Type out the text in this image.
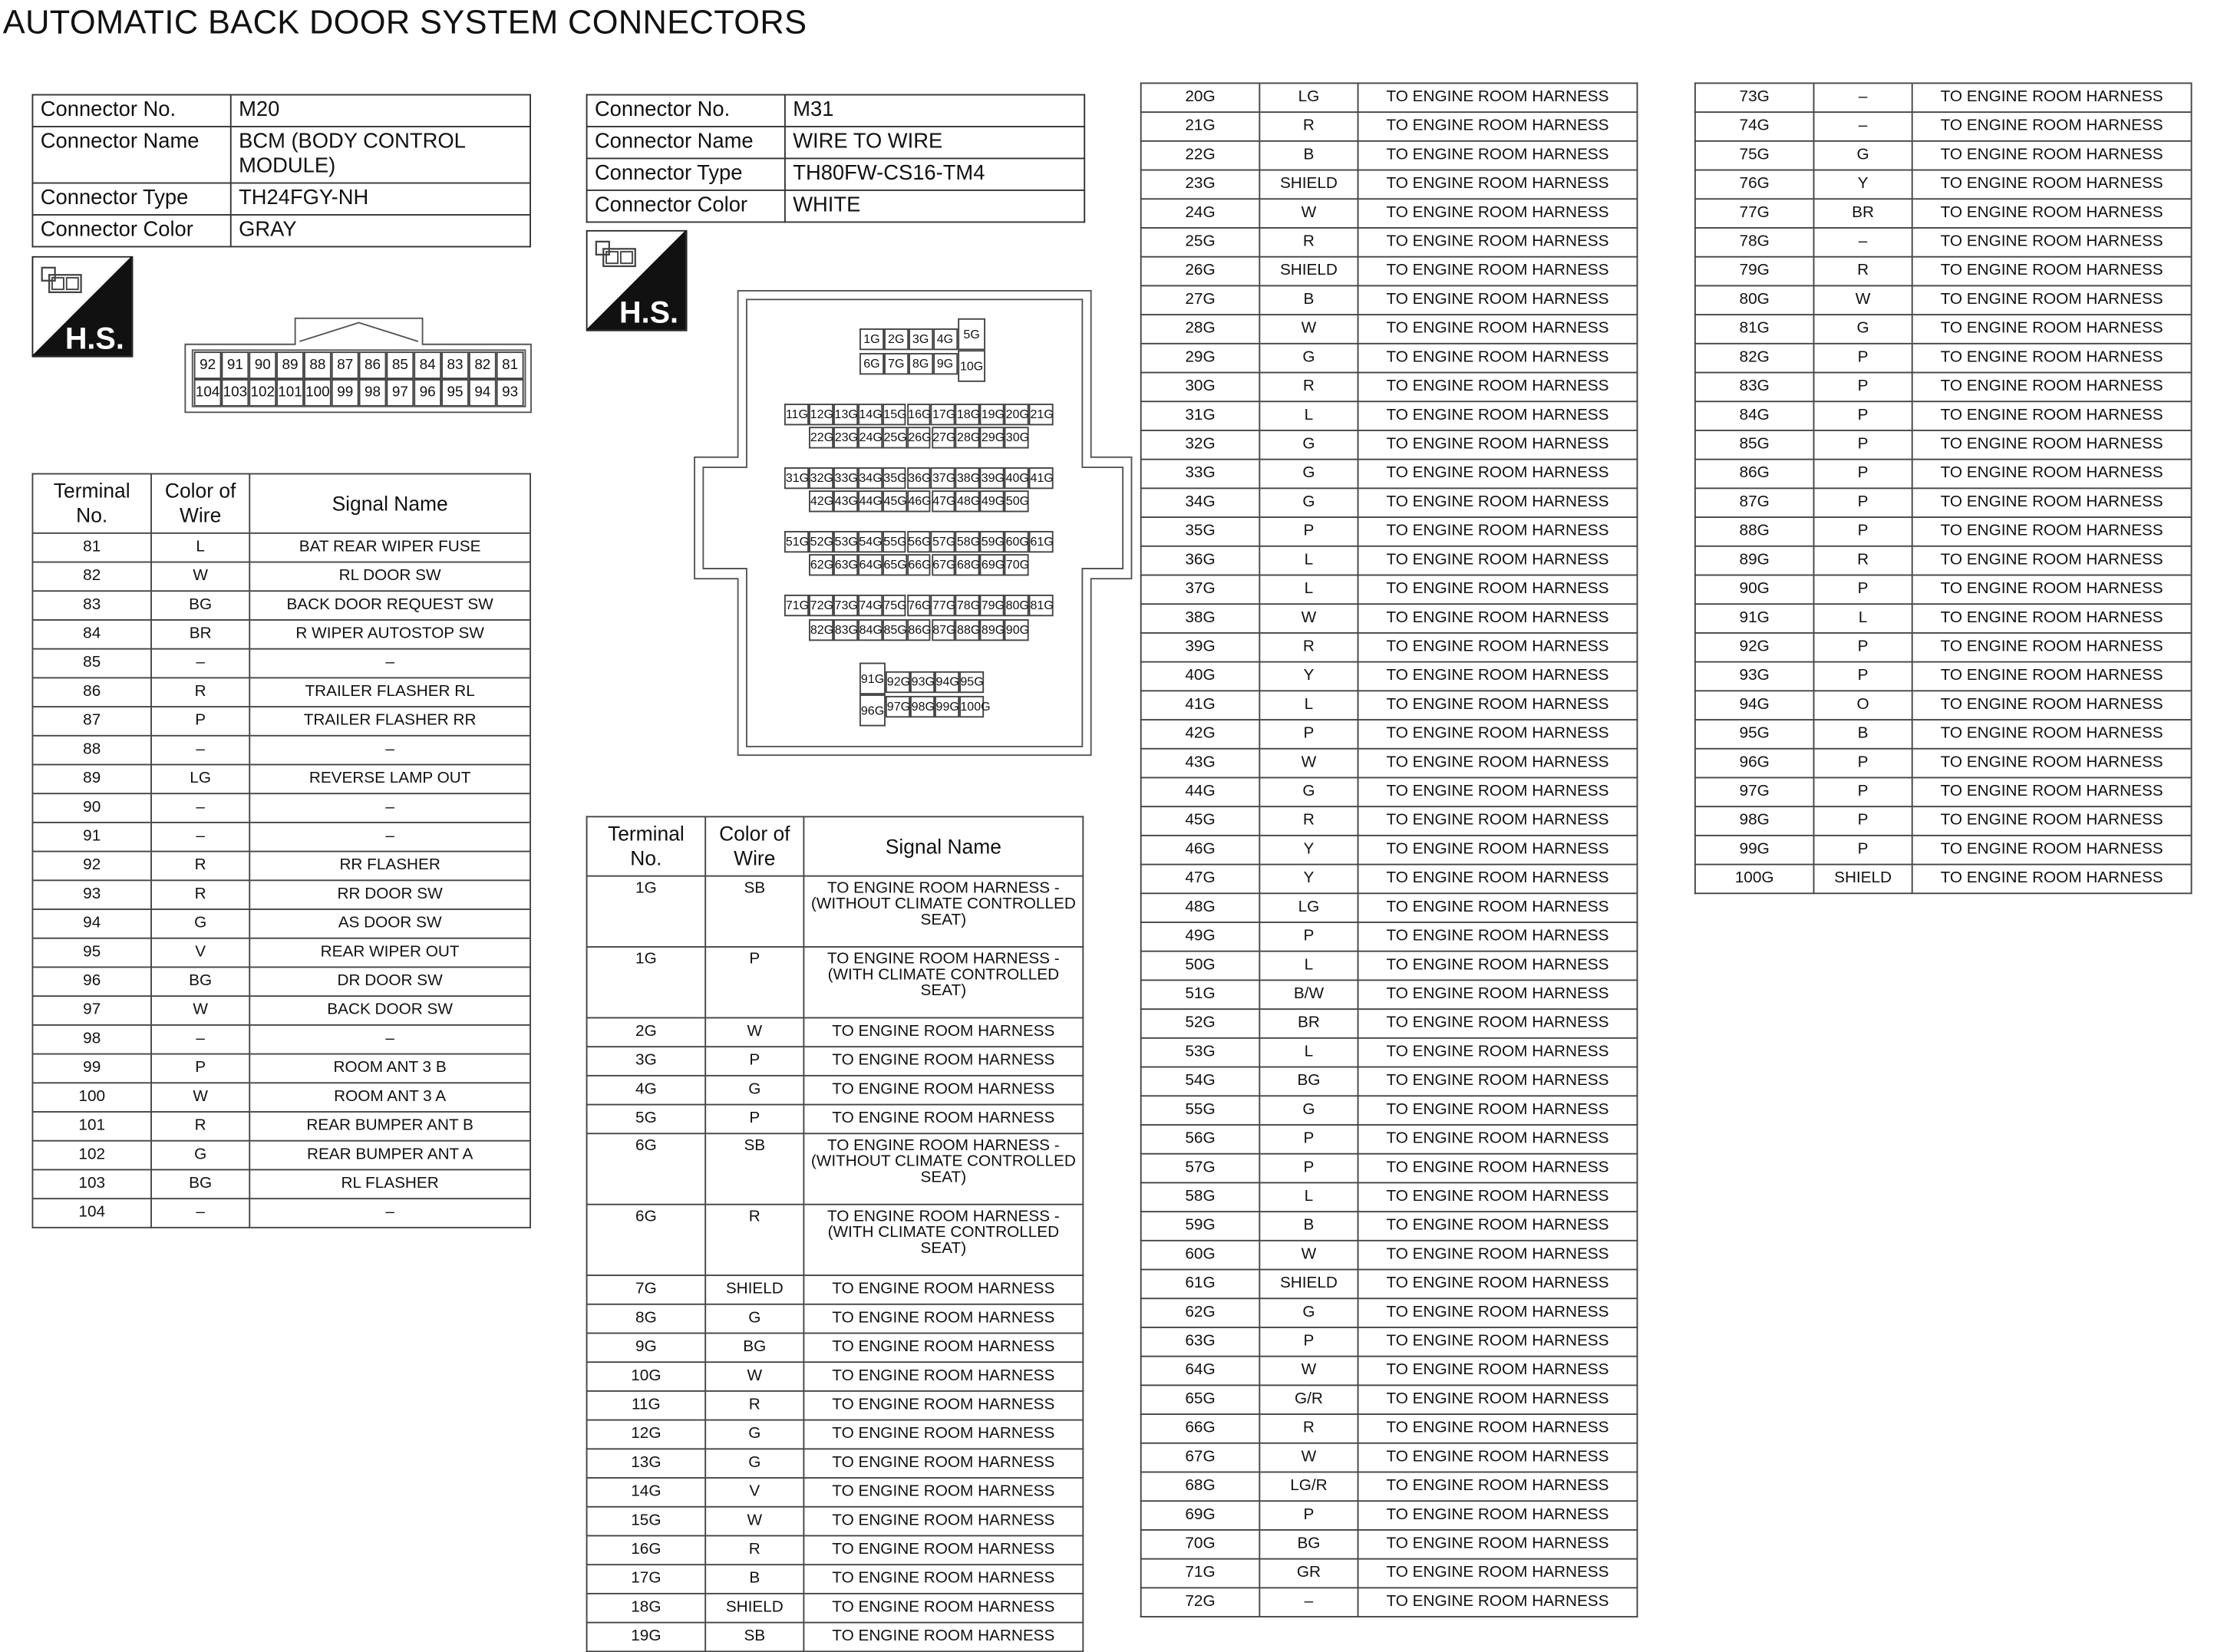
AUTOMATIC BACK DOOR SYSTEM CONNECTORS
Connector No.	M20
Connector Name	BCM (BODY CONTROL MODULE)
Connector Type	TH24FGY-NH
Connector Color	GRAY
H.S.
92	91	90	89	88	87	86	85	84	83	82	81
104 103 102 101 100 99	98	97	96	95	94	93
Terminal No.	Color of Wire	Signal Name
81	L	BAT REAR WIPER FUSE
82	W	RL DOOR SW
83	BG	BACK DOOR REQUEST SW
84	BR	R WIPER AUTOSTOP SW
85	–	–
86	R	TRAILER FLASHER RL
87	P	TRAILER FLASHER RR
88	–	–
89	LG	REVERSE LAMP OUT
90	–	–
91	–	–
92	R	RR FLASHER
93	R	RR DOOR SW
94	G	AS DOOR SW
95	V	REAR WIPER OUT
96	BG	DR DOOR SW
97	W	BACK DOOR SW
98	–	–
99	P	ROOM ANT 3 B
100	W	ROOM ANT 3 A
101	R	REAR BUMPER ANT B
102	G	REAR BUMPER ANT A
103	BG	RL FLASHER
104	–	–
Connector No.	M31
Connector Name	WIRE TO WIRE
Connector Type	TH80FW-CS16-TM4
Connector Color	WHITE
H.S.
1G	2G	3G	4G
6G	7G	8G	9G
11G 12G 13G 14G 15G 16G 17G 18G 19G 20G 21G
22G 23G 24G 25G 26G 27G 28G 29G 30G
31G 32G 33G 34G 35G 36G 37G 38G 39G 40G 41G
42G 43G 44G 45G 46G 47G 48G 49G 50G
51G 52G 53G 54G 55G 56G 57G 58G 59G 60G 61G
62G 63G 64G 65G 66G 67G 68G 69G 70G
71G 72G 73G 74G 75G 76G 77G 78G 79G 80G 81G
82G 83G 84G 85G 86G 87G 88G 89G 90G
92G 93G 94G 95G
97G 98G 99G 100G
5G
10G
91G
96G
Terminal No.	Color of Wire	Signal Name
1G	SB	TO ENGINE ROOM HARNESS - (WITHOUT CLIMATE CONTROLLED SEAT)
1G	P	TO ENGINE ROOM HARNESS - (WITH CLIMATE CONTROLLED SEAT)
2G	W	TO ENGINE ROOM HARNESS
3G	P	TO ENGINE ROOM HARNESS
4G	G	TO ENGINE ROOM HARNESS
5G	P	TO ENGINE ROOM HARNESS
6G	SB	TO ENGINE ROOM HARNESS - (WITHOUT CLIMATE CONTROLLED SEAT)
6G	R	TO ENGINE ROOM HARNESS - (WITH CLIMATE CONTROLLED SEAT)
7G	SHIELD	TO ENGINE ROOM HARNESS
8G	G	TO ENGINE ROOM HARNESS
9G	BG	TO ENGINE ROOM HARNESS
10G	W	TO ENGINE ROOM HARNESS
11G	R	TO ENGINE ROOM HARNESS
12G	G	TO ENGINE ROOM HARNESS
13G	G	TO ENGINE ROOM HARNESS
14G	V	TO ENGINE ROOM HARNESS
15G	W	TO ENGINE ROOM HARNESS
16G	R	TO ENGINE ROOM HARNESS
17G	B	TO ENGINE ROOM HARNESS
18G	SHIELD	TO ENGINE ROOM HARNESS
19G	SB	TO ENGINE ROOM HARNESS
20G	LG	TO ENGINE ROOM HARNESS
21G	R	TO ENGINE ROOM HARNESS
22G	B	TO ENGINE ROOM HARNESS
23G	SHIELD	TO ENGINE ROOM HARNESS
24G	W	TO ENGINE ROOM HARNESS
25G	R	TO ENGINE ROOM HARNESS
26G	SHIELD	TO ENGINE ROOM HARNESS
27G	B	TO ENGINE ROOM HARNESS
28G	W	TO ENGINE ROOM HARNESS
29G	G	TO ENGINE ROOM HARNESS
30G	R	TO ENGINE ROOM HARNESS
31G	L	TO ENGINE ROOM HARNESS
32G	G	TO ENGINE ROOM HARNESS
33G	G	TO ENGINE ROOM HARNESS
34G	G	TO ENGINE ROOM HARNESS
35G	P	TO ENGINE ROOM HARNESS
36G	L	TO ENGINE ROOM HARNESS
37G	L	TO ENGINE ROOM HARNESS
38G	W	TO ENGINE ROOM HARNESS
39G	R	TO ENGINE ROOM HARNESS
40G	Y	TO ENGINE ROOM HARNESS
41G	L	TO ENGINE ROOM HARNESS
42G	P	TO ENGINE ROOM HARNESS
43G	W	TO ENGINE ROOM HARNESS
44G	G	TO ENGINE ROOM HARNESS
45G	R	TO ENGINE ROOM HARNESS
46G	Y	TO ENGINE ROOM HARNESS
47G	Y	TO ENGINE ROOM HARNESS
48G	LG	TO ENGINE ROOM HARNESS
49G	P	TO ENGINE ROOM HARNESS
50G	L	TO ENGINE ROOM HARNESS
51G	B/W	TO ENGINE ROOM HARNESS
52G	BR	TO ENGINE ROOM HARNESS
53G	L	TO ENGINE ROOM HARNESS
54G	BG	TO ENGINE ROOM HARNESS
55G	G	TO ENGINE ROOM HARNESS
56G	P	TO ENGINE ROOM HARNESS
57G	P	TO ENGINE ROOM HARNESS
58G	L	TO ENGINE ROOM HARNESS
59G	B	TO ENGINE ROOM HARNESS
60G	W	TO ENGINE ROOM HARNESS
61G	SHIELD	TO ENGINE ROOM HARNESS
62G	G	TO ENGINE ROOM HARNESS
63G	P	TO ENGINE ROOM HARNESS
64G	W	TO ENGINE ROOM HARNESS
65G	G/R	TO ENGINE ROOM HARNESS
66G	R	TO ENGINE ROOM HARNESS
67G	W	TO ENGINE ROOM HARNESS
68G	LG/R	TO ENGINE ROOM HARNESS
69G	P	TO ENGINE ROOM HARNESS
70G	BG	TO ENGINE ROOM HARNESS
71G	GR	TO ENGINE ROOM HARNESS
72G	–	TO ENGINE ROOM HARNESS
73G	–	TO ENGINE ROOM HARNESS
74G	–	TO ENGINE ROOM HARNESS
75G	G	TO ENGINE ROOM HARNESS
76G	Y	TO ENGINE ROOM HARNESS
77G	BR	TO ENGINE ROOM HARNESS
78G	–	TO ENGINE ROOM HARNESS
79G	R	TO ENGINE ROOM HARNESS
80G	W	TO ENGINE ROOM HARNESS
81G	G	TO ENGINE ROOM HARNESS
82G	P	TO ENGINE ROOM HARNESS
83G	P	TO ENGINE ROOM HARNESS
84G	P	TO ENGINE ROOM HARNESS
85G	P	TO ENGINE ROOM HARNESS
86G	P	TO ENGINE ROOM HARNESS
87G	P	TO ENGINE ROOM HARNESS
88G	P	TO ENGINE ROOM HARNESS
89G	R	TO ENGINE ROOM HARNESS
90G	P	TO ENGINE ROOM HARNESS
91G	L	TO ENGINE ROOM HARNESS
92G	P	TO ENGINE ROOM HARNESS
93G	P	TO ENGINE ROOM HARNESS
94G	O	TO ENGINE ROOM HARNESS
95G	B	TO ENGINE ROOM HARNESS
96G	P	TO ENGINE ROOM HARNESS
97G	P	TO ENGINE ROOM HARNESS
98G	P	TO ENGINE ROOM HARNESS
99G	P	TO ENGINE ROOM HARNESS
100G	SHIELD	TO ENGINE ROOM HARNESS
